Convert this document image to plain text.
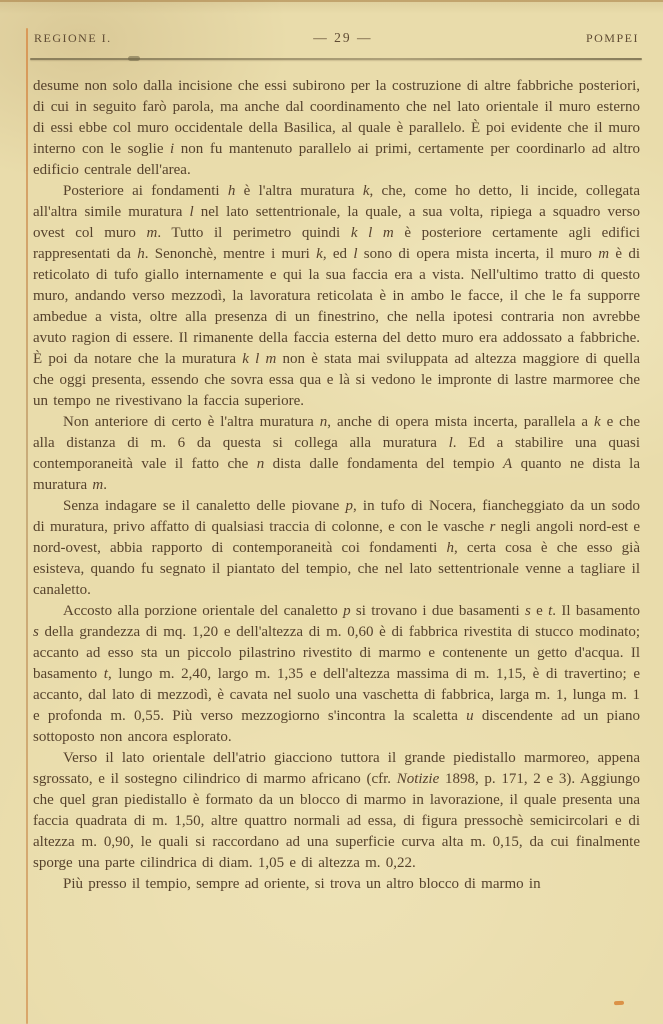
REGIONE I.	— 29 —	POMPEI

desume non solo dalla incisione che essi subirono per la costruzione di altre fabbriche posteriori, di cui in seguito farò parola, ma anche dal coordinamento che nel lato orientale il muro esterno di essi ebbe col muro occidentale della Basilica, al quale è parallelo. È poi evidente che il muro interno con le soglie i non fu mantenuto parallelo ai primi, certamente per coordinarlo ad altro edificio centrale dell'area.

Posteriore ai fondamenti h è l'altra muratura k, che, come ho detto, li incide, collegata all'altra simile muratura l nel lato settentrionale, la quale, a sua volta, ripiega a squadro verso ovest col muro m. Tutto il perimetro quindi k l m è posteriore certamente agli edifici rappresentati da h. Senonchè, mentre i muri k, ed l sono di opera mista incerta, il muro m è di reticolato di tufo giallo internamente e qui la sua faccia era a vista. Nell'ultimo tratto di questo muro, andando verso mezzodì, la lavoratura reticolata è in ambo le facce, il che le fa supporre ambedue a vista, oltre alla presenza di un finestrino, che nella ipotesi contraria non avrebbe avuto ragion di essere. Il rimanente della faccia esterna del detto muro era addossato a fabbriche. È poi da notare che la muratura k l m non è stata mai sviluppata ad altezza maggiore di quella che oggi presenta, essendo che sovra essa qua e là si vedono le impronte di lastre marmoree che un tempo ne rivestivano la faccia superiore.

Non anteriore di certo è l'altra muratura n, anche di opera mista incerta, parallela a k e che alla distanza di m. 6 da questa si collega alla muratura l. Ed a stabilire una quasi contemporaneità vale il fatto che n dista dalle fondamenta del tempio A quanto ne dista la muratura m.

Senza indagare se il canaletto delle piovane p, in tufo di Nocera, fiancheggiato da un sodo di muratura, privo affatto di qualsiasi traccia di colonne, e con le vasche r negli angoli nord-est e nord-ovest, abbia rapporto di contemporaneità coi fondamenti h, certa cosa è che esso già esisteva, quando fu segnato il piantato del tempio, che nel lato settentrionale venne a tagliare il canaletto.

Accosto alla porzione orientale del canaletto p si trovano i due basamenti s e t. Il basamento s della grandezza di mq. 1,20 e dell'altezza di m. 0,60 è di fabbrica rivestita di stucco modinato; accanto ad esso sta un piccolo pilastrino rivestito di marmo e contenente un getto d'acqua. Il basamento t, lungo m. 2,40, largo m. 1,35 e dell'altezza massima di m. 1,15, è di travertino; e accanto, dal lato di mezzodì, è cavata nel suolo una vaschetta di fabbrica, larga m. 1, lunga m. 1 e profonda m. 0,55. Più verso mezzogiorno s'incontra la scaletta u discendente ad un piano sottoposto non ancora esplorato.

Verso il lato orientale dell'atrio giacciono tuttora il grande piedistallo marmoreo, appena sgrossato, e il sostegno cilindrico di marmo africano (cfr. Notizie 1898, p. 171, 2 e 3). Aggiungo che quel gran piedistallo è formato da un blocco di marmo in lavorazione, il quale presenta una faccia quadrata di m. 1,50, altre quattro normali ad essa, di figura pressochè semicircolari e di altezza m. 0,90, le quali si raccordano ad una superficie curva alta m. 0,15, da cui finalmente sporge una parte cilindrica di diam. 1,05 e di altezza m. 0,22.

Più presso il tempio, sempre ad oriente, si trova un altro blocco di marmo in
